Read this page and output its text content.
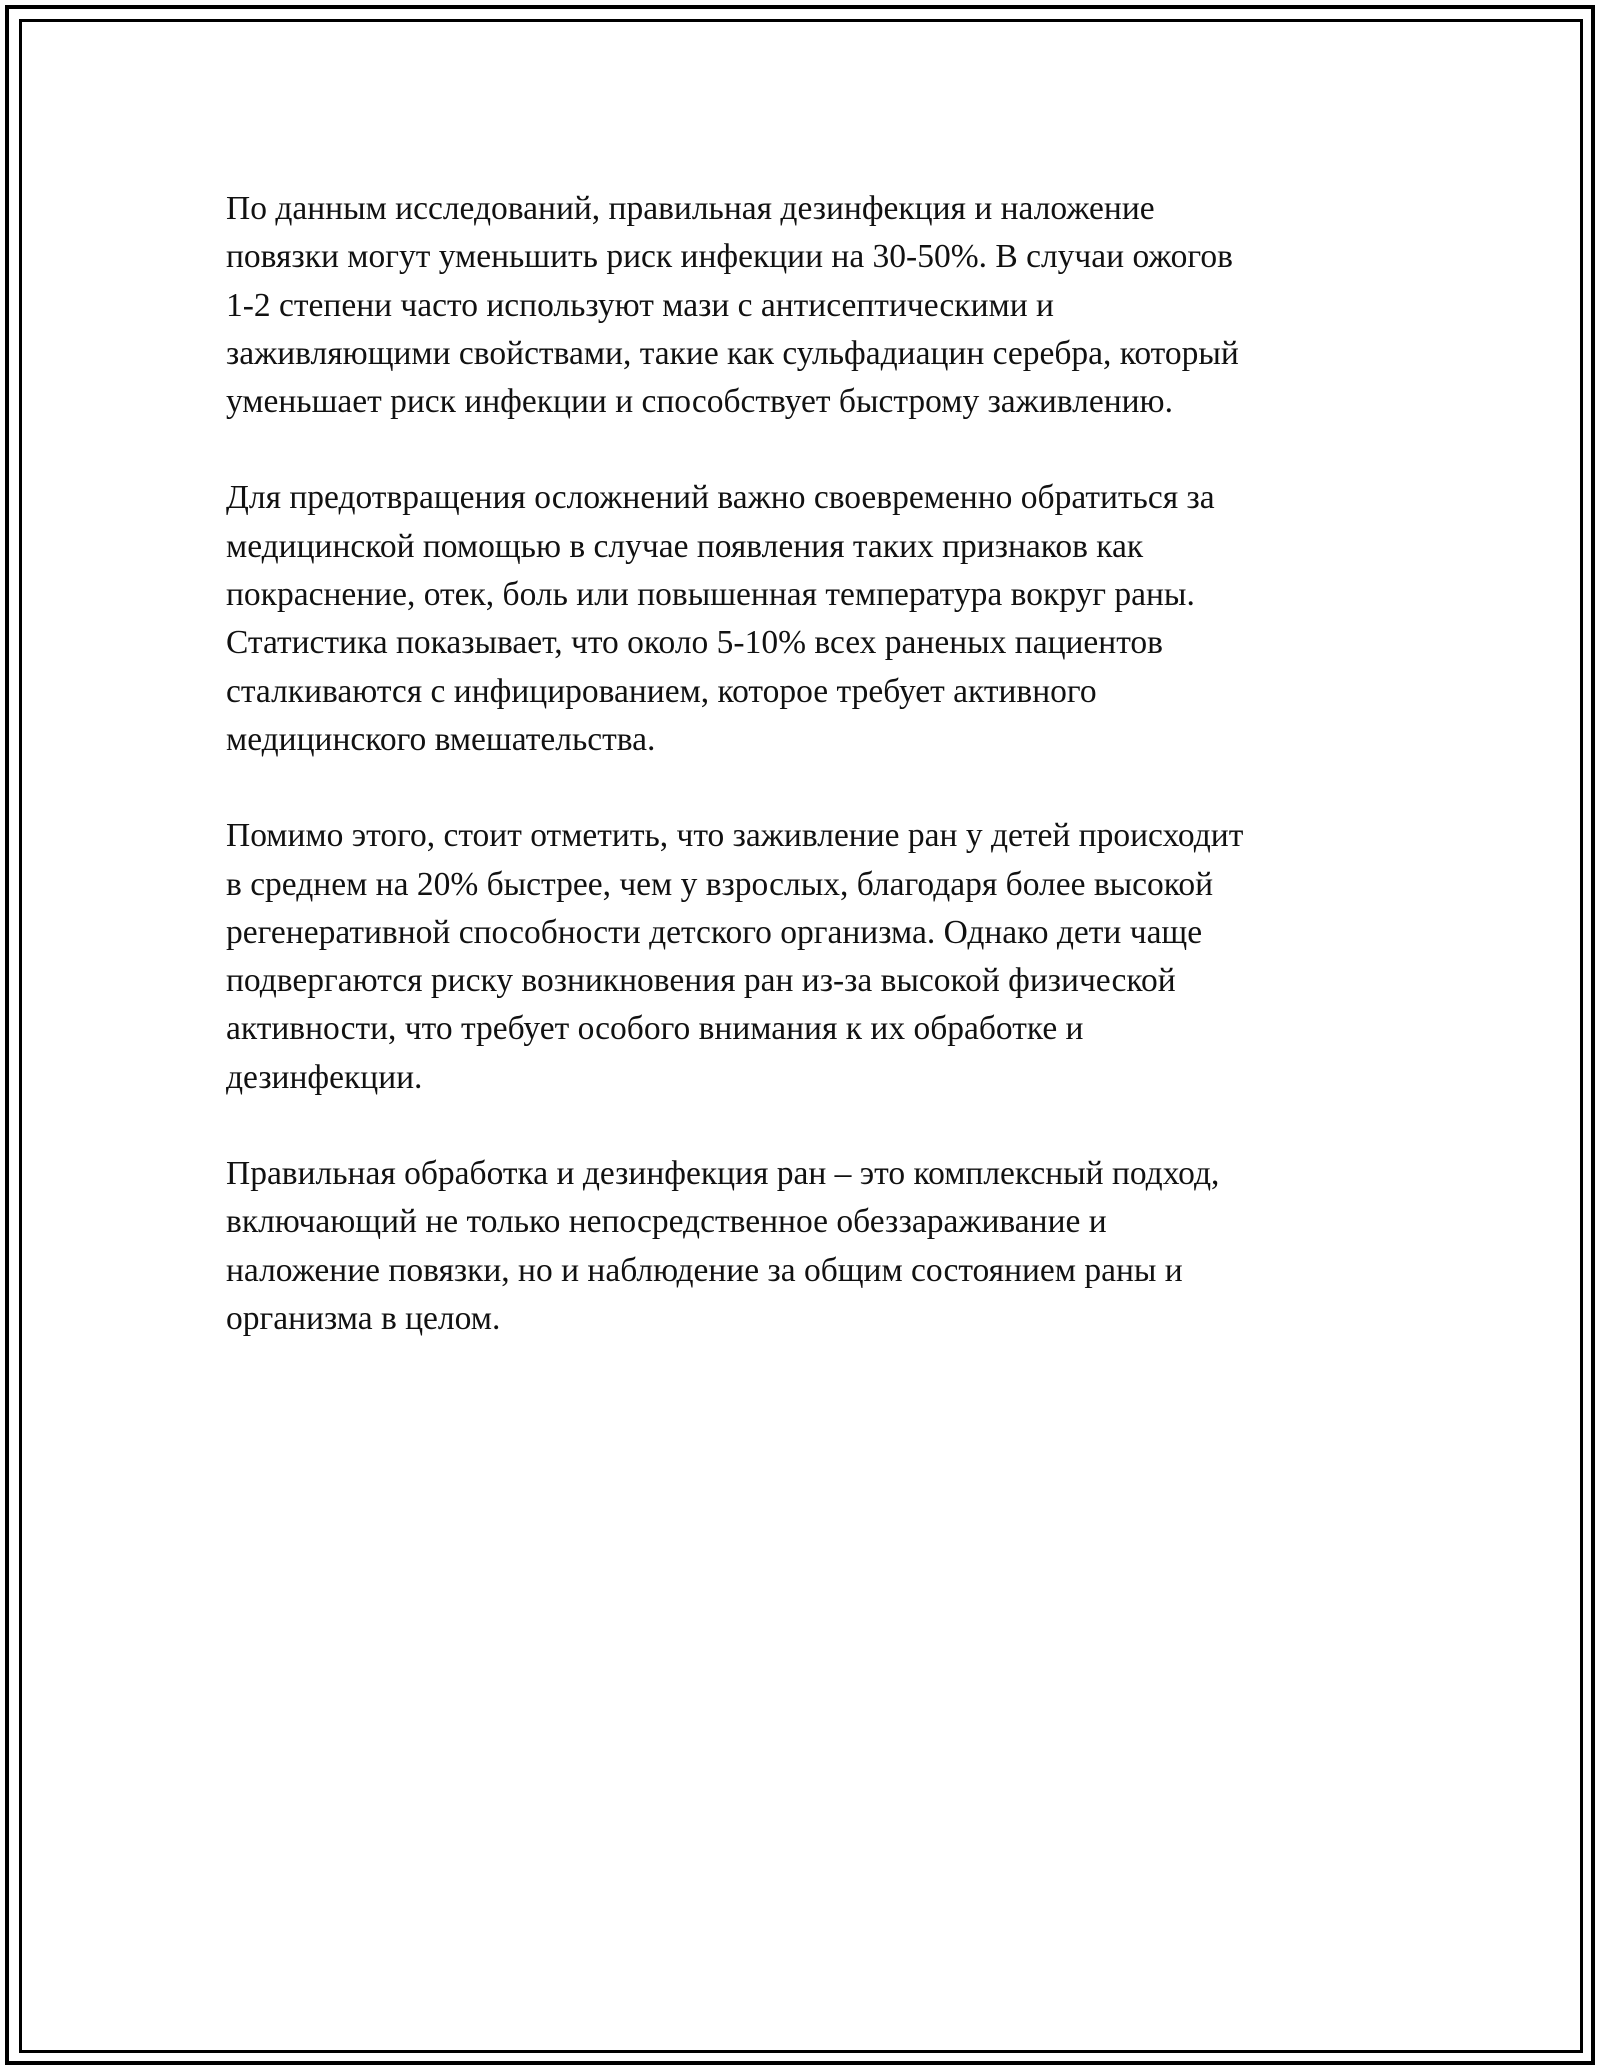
По данным исследований, правильная дезинфекция и наложение
повязки могут уменьшить риск инфекции на 30-50%. В случаи ожогов
1-2 степени часто используют мази с антисептическими и
заживляющими свойствами, такие как сульфадиацин серебра, который
уменьшает риск инфекции и способствует быстрому заживлению.

Для предотвращения осложнений важно своевременно обратиться за
медицинской помощью в случае появления таких признаков как
покраснение, отек, боль или повышенная температура вокруг раны.
Статистика показывает, что около 5-10% всех раненых пациентов
сталкиваются с инфицированием, которое требует активного
медицинского вмешательства.

Помимо этого, стоит отметить, что заживление ран у детей происходит
в среднем на 20% быстрее, чем у взрослых, благодаря более высокой
регенеративной способности детского организма. Однако дети чаще
подвергаются риску возникновения ран из-за высокой физической
активности, что требует особого внимания к их обработке и
дезинфекции.

Правильная обработка и дезинфекция ран – это комплексный подход,
включающий не только непосредственное обеззараживание и
наложение повязки, но и наблюдение за общим состоянием раны и
организма в целом.
